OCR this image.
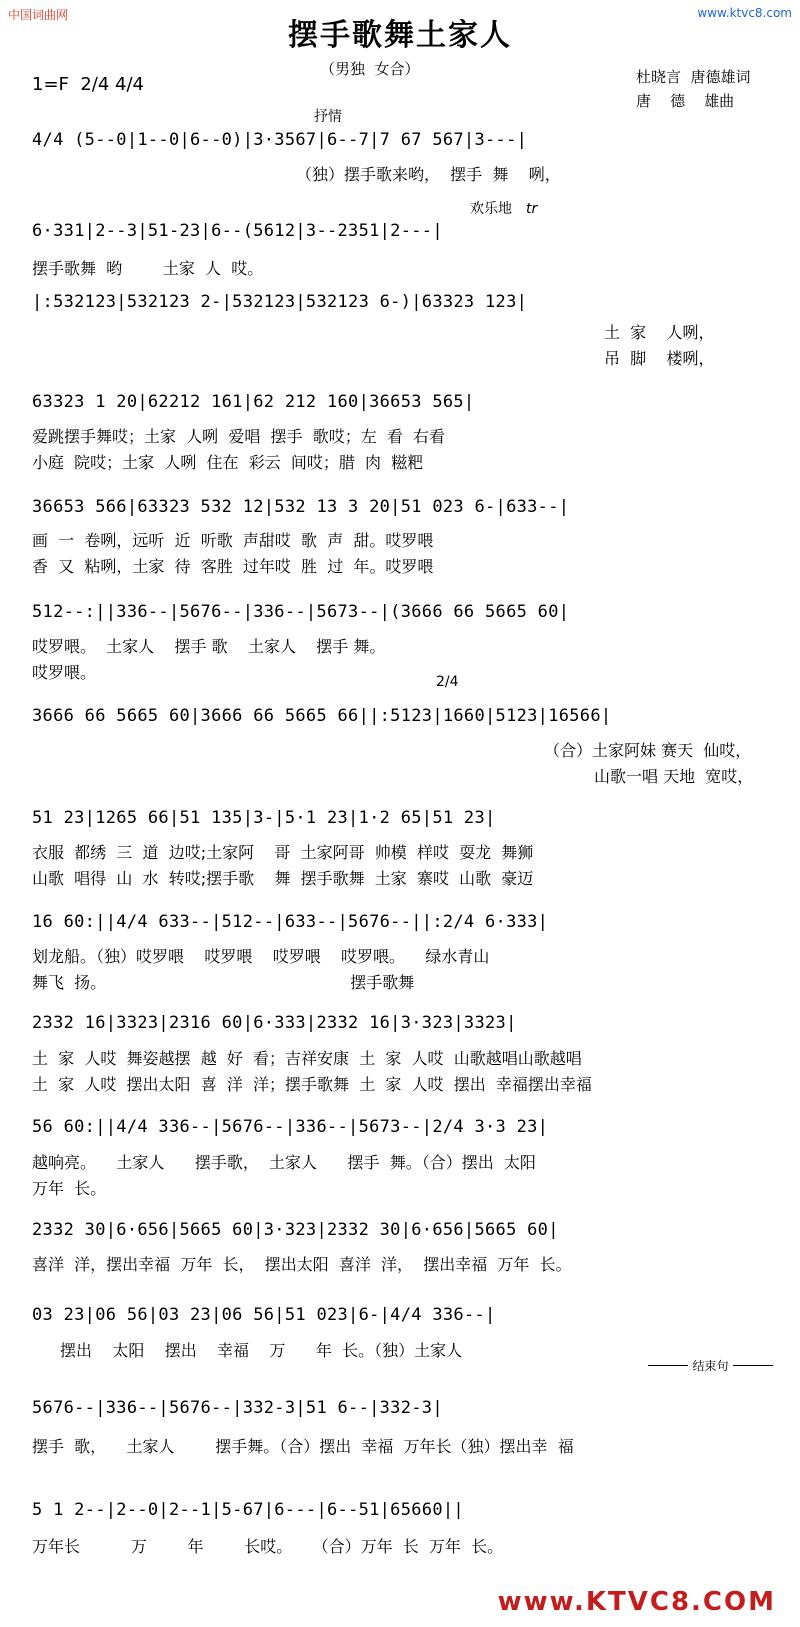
中国词曲网	www.ktvc8.com
摆手歌舞土家人
（男独  女合）	杜晓言  唐德雄词
唐    德    雄曲
1=F  2/4 4/4
抒情
欢乐地 tr
2/4
结束句
4/4 (5--0|1--0|6--0)|3·3567|6--7|7 67 567|3---|
（独）摆手歌来哟，  摆手  舞    咧，
6·331|2--3|51-23|6--(5612|3--2351|2---|
摆手歌舞  哟        土家  人  哎。
|:532123|532123 2-|532123|532123 6-)|63323 123|
土  家    人咧，
吊  脚    楼咧，
63323 1 20|62212 161|62 212 160|36653 565|
爱跳摆手舞哎；土家  人咧  爱唱  摆手  歌哎；左  看  右看
小庭  院哎；土家  人咧  住在  彩云  间哎；腊  肉  糍粑
36653 566|63323 532 12|532 13 3 20|51 023 6-|633--|
画  一  卷咧，远听  近  听歌  声甜哎  歌  声  甜。哎罗喂
香  又  粘咧，土家  待  客胜  过年哎  胜  过  年。哎罗喂
512--:||336--|5676--|336--|5673--|(3666 66 5665 60|
哎罗喂。  土家人    摆手 歌    土家人    摆手 舞。
哎罗喂。
3666 66 5665 60|3666 66 5665 66||:5123|1660|5123|16566|
（合）土家阿妹 赛天  仙哎，
山歌一唱 天地  宽哎，
51 23|1265 66|51 135|3-|5·1 23|1·2 65|51 23|
衣服  都绣  三  道  边哎;土家阿    哥  土家阿哥  帅模  样哎  耍龙  舞狮
山歌  唱得  山  水  转哎;摆手歌    舞  摆手歌舞  土家  寨哎  山歌  豪迈
16 60:||4/4 633--|512--|633--|5676--||:2/4 6·333|
划龙船。（独）哎罗喂    哎罗喂    哎罗喂    哎罗喂。    绿水青山
舞飞  扬。                                                摆手歌舞
2332 16|3323|2316 60|6·333|2332 16|3·323|3323|
土  家  人哎  舞姿越摆  越  好  看；吉祥安康  土  家  人哎  山歌越唱山歌越唱
土  家  人哎  摆出太阳  喜  洋  洋；摆手歌舞  土  家  人哎  摆出  幸福摆出幸福
56 60:||4/4 336--|5676--|336--|5673--|2/4 3·3 23|
越响亮。    土家人      摆手歌，  土家人      摆手  舞。（合）摆出  太阳
万年  长。
2332 30|6·656|5665 60|3·323|2332 30|6·656|5665 60|
喜洋  洋，摆出幸福  万年  长，  摆出太阳  喜洋  洋，  摆出幸福  万年  长。
03 23|06 56|03 23|06 56|51 023|6-|4/4 336--|
摆出    太阳    摆出    幸福    万      年  长。（独）土家人
5676--|336--|5676--|332-3|51 6--|332-3|
摆手  歌，    土家人        摆手舞。（合）摆出  幸福  万年长（独）摆出幸  福
5 1 2--|2--0|2--1|5-67|6---|6--51|65660||
万年长          万        年        长哎。    （合）万年  长  万年  长。
www.KTVC8.COM
